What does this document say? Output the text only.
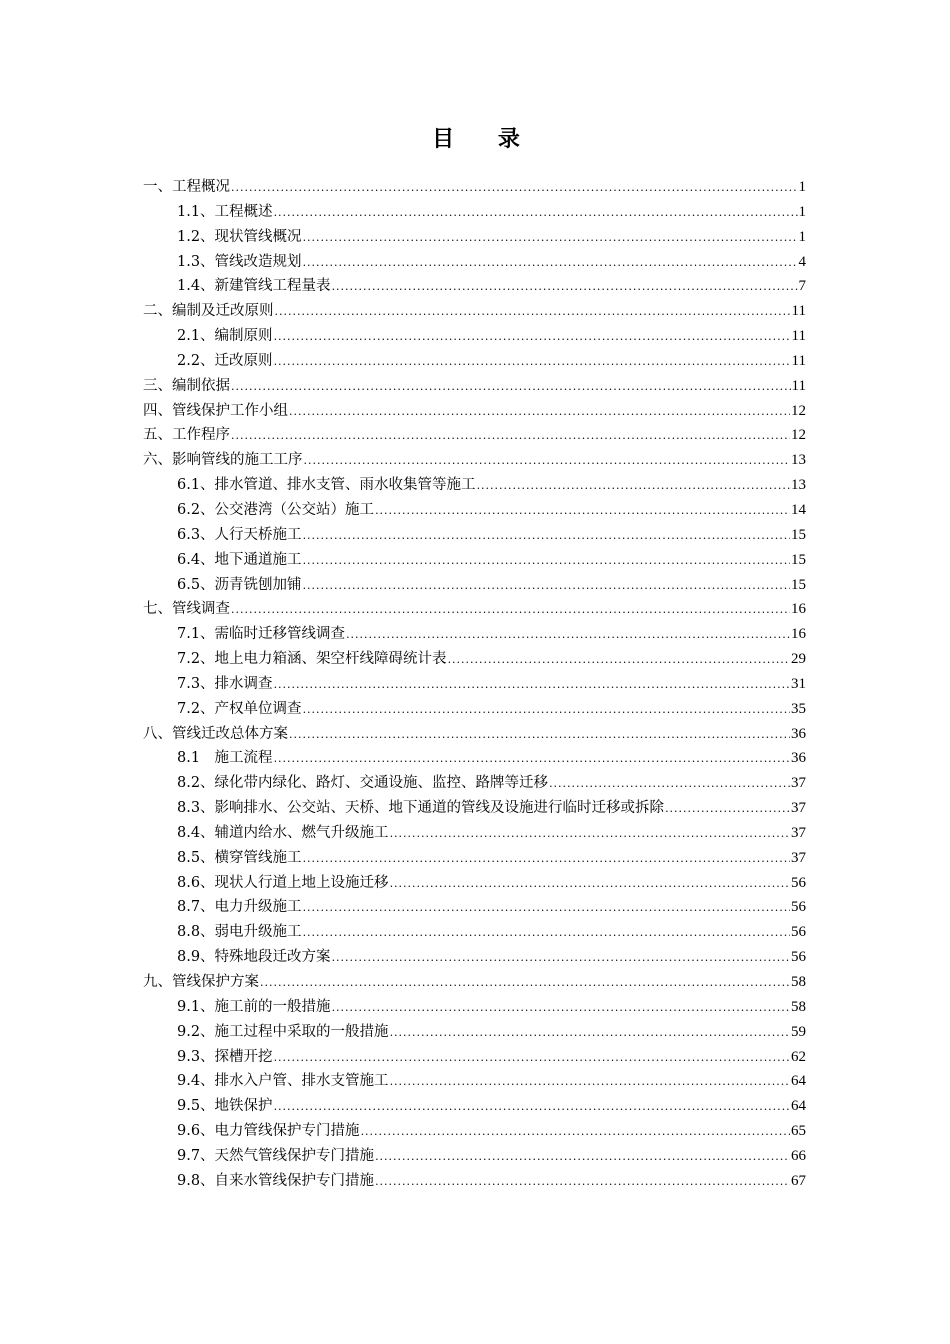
目 录
一、工程概况 .....	1
1.1、工程概述 .....	1
1.2、现状管线概况 .....	1
1.3、管线改造规划 .....	4
1.4、新建管线工程量表 .....	7
二、编制及迁改原则 .....	11
2.1、编制原则 .....	11
2.2、迁改原则 .....	11
三、编制依据 .....	11
四、管线保护工作小组 .....	12
五、工作程序 .....	12
六、影响管线的施工工序 .....	13
6.1、排水管道、排水支管、雨水收集管等施工 .....	13
6.2、公交港湾（公交站）施工 .....	14
6.3、人行天桥施工 .....	15
6.4、地下通道施工 .....	15
6.5、沥青铣刨加铺 .....	15
七、管线调查 .....	16
7.1、需临时迁移管线调查 .....	16
7.2、地上电力箱涵、架空杆线障碍统计表 .....	29
7.3、排水调查 .....	31
7.2、产权单位调查 .....	35
八、管线迁改总体方案 .....	36
8.1　施工流程 .....	36
8.2、绿化带内绿化、路灯、交通设施、监控、路牌等迁移 .....	37
8.3、影响排水、公交站、天桥、地下通道的管线及设施进行临时迁移或拆除 .....	37
8.4、辅道内给水、燃气升级施工 .....	37
8.5、横穿管线施工 .....	37
8.6、现状人行道上地上设施迁移 .....	56
8.7、电力升级施工 .....	56
8.8、弱电升级施工 .....	56
8.9、特殊地段迁改方案 .....	56
九、管线保护方案 .....	58
9.1、施工前的一般措施 .....	58
9.2、施工过程中采取的一般措施 .....	59
9.3、探槽开挖 .....	62
9.4、排水入户管、排水支管施工 .....	64
9.5、地铁保护 .....	64
9.6、电力管线保护专门措施 .....	65
9.7、天然气管线保护专门措施 .....	66
9.8、自来水管线保护专门措施 .....	67
